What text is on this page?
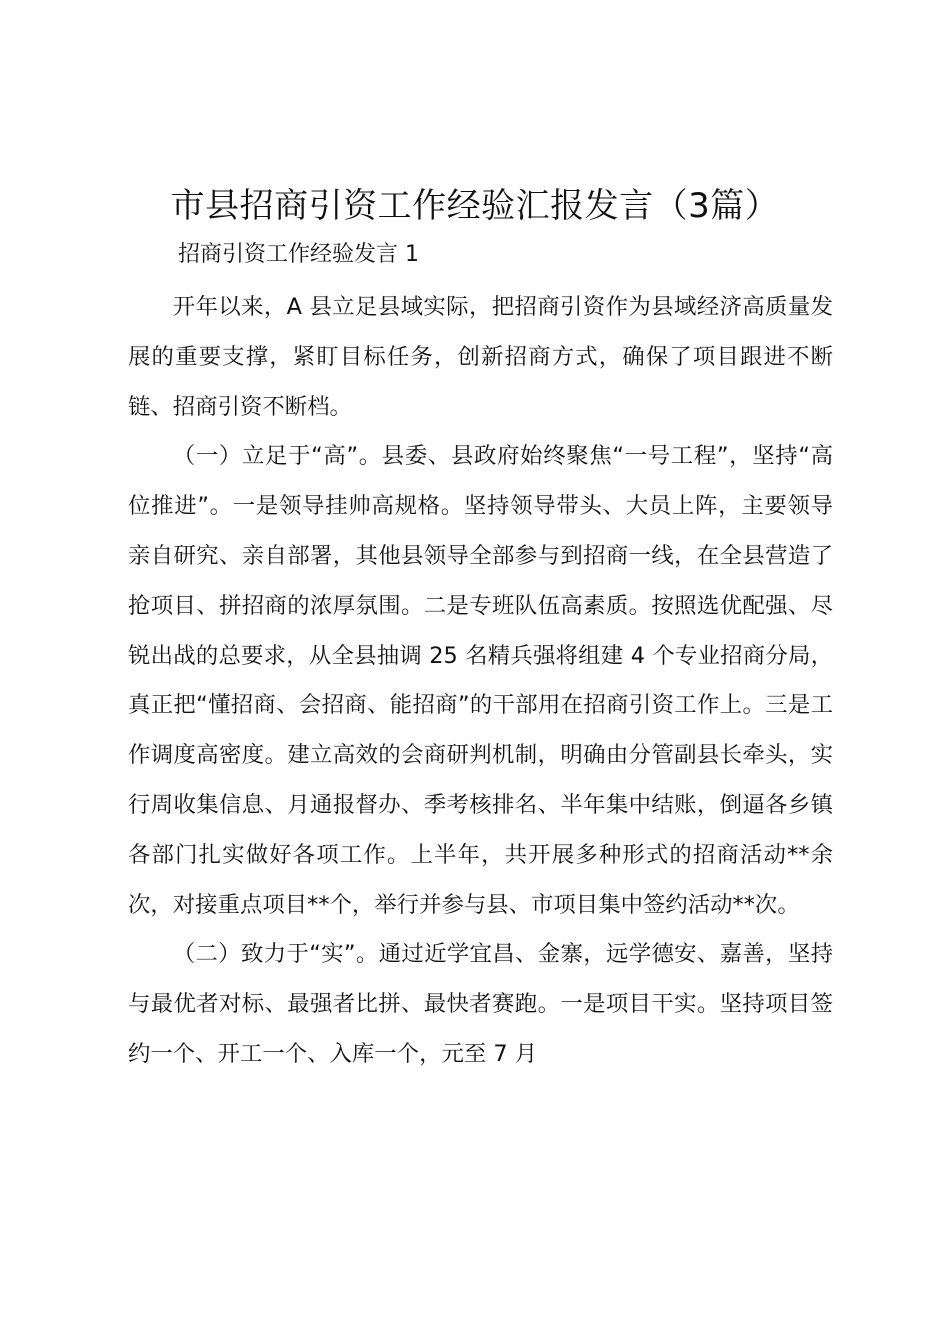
市县招商引资工作经验汇报发言（3篇）

招商引资工作经验发言 1

开年以来，A 县立足县域实际，把招商引资作为县域经济高质量发展的重要支撑，紧盯目标任务，创新招商方式，确保了项目跟进不断链、招商引资不断档。

（一）立足于“高”。县委、县政府始终聚焦“一号工程”，坚持“高位推进”。一是领导挂帅高规格。坚持领导带头、大员上阵，主要领导亲自研究、亲自部署，其他县领导全部参与到招商一线，在全县营造了抢项目、拼招商的浓厚氛围。二是专班队伍高素质。按照选优配强、尽锐出战的总要求，从全县抽调 25 名精兵强将组建 4 个专业招商分局，真正把“懂招商、会招商、能招商”的干部用在招商引资工作上。三是工作调度高密度。建立高效的会商研判机制，明确由分管副县长牵头，实行周收集信息、月通报督办、季考核排名、半年集中结账，倒逼各乡镇各部门扎实做好各项工作。上半年，共开展多种形式的招商活动**余次，对接重点项目**个，举行并参与县、市项目集中签约活动**次。

（二）致力于“实”。通过近学宜昌、金寨，远学德安、嘉善，坚持与最优者对标、最强者比拼、最快者赛跑。一是项目干实。坚持项目签约一个、开工一个、入库一个，元至 7 月
